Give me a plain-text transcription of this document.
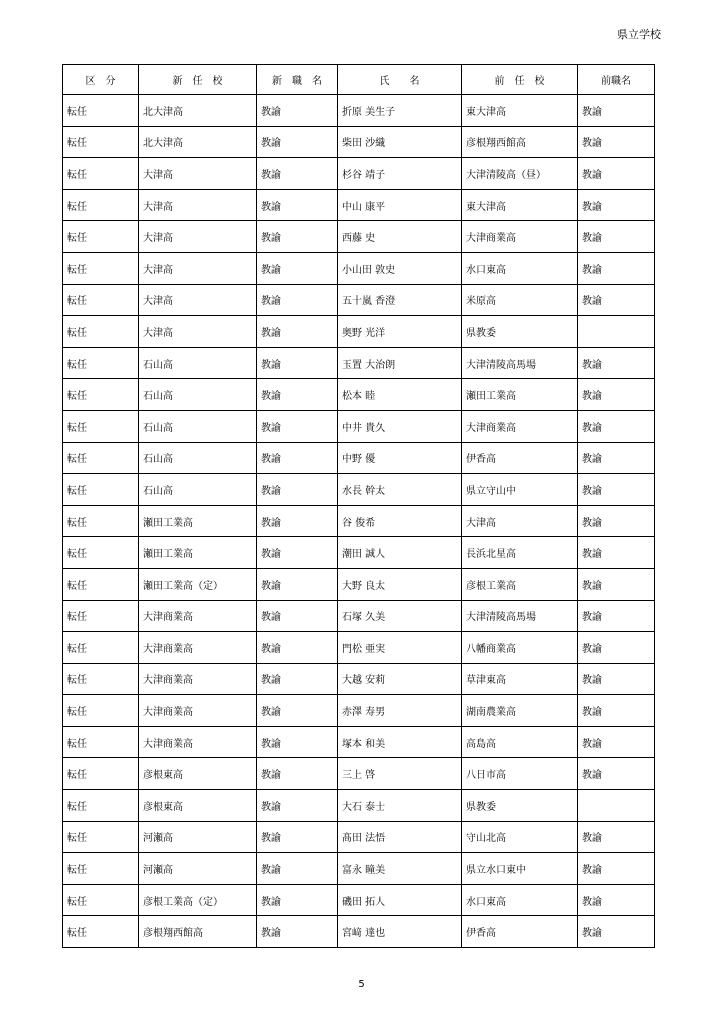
県立学校
区　分	新　任　校	新　職　名	氏　　名	前　任　校	前職名
転任	北大津高	教諭	折原 美生子	東大津高	教諭
転任	北大津高	教諭	柴田 沙織	彦根翔西館高	教諭
転任	大津高	教諭	杉谷 靖子	大津清陵高（昼）	教諭
転任	大津高	教諭	中山 康平	東大津高	教諭
転任	大津高	教諭	西藤 史	大津商業高	教諭
転任	大津高	教諭	小山田 敦史	水口東高	教諭
転任	大津高	教諭	五十嵐 香澄	米原高	教諭
転任	大津高	教諭	奥野 光洋	県教委	
転任	石山高	教諭	玉置 大治朗	大津清陵高馬場	教諭
転任	石山高	教諭	松本 睦	瀬田工業高	教諭
転任	石山高	教諭	中井 貴久	大津商業高	教諭
転任	石山高	教諭	中野 優	伊香高	教諭
転任	石山高	教諭	水長 幹太	県立守山中	教諭
転任	瀬田工業高	教諭	谷 俊希	大津高	教諭
転任	瀬田工業高	教諭	潮田 誠人	長浜北星高	教諭
転任	瀬田工業高（定）	教諭	大野 良太	彦根工業高	教諭
転任	大津商業高	教諭	石塚 久美	大津清陵高馬場	教諭
転任	大津商業高	教諭	門松 亜実	八幡商業高	教諭
転任	大津商業高	教諭	大越 安莉	草津東高	教諭
転任	大津商業高	教諭	赤澤 寿男	湖南農業高	教諭
転任	大津商業高	教諭	塚本 和美	高島高	教諭
転任	彦根東高	教諭	三上 啓	八日市高	教諭
転任	彦根東高	教諭	大石 泰士	県教委	
転任	河瀬高	教諭	髙田 法悟	守山北高	教諭
転任	河瀬高	教諭	富永 瞳美	県立水口東中	教諭
転任	彦根工業高（定）	教諭	磯田 拓人	水口東高	教諭
転任	彦根翔西館高	教諭	宮﨑 達也	伊香高	教諭
5
